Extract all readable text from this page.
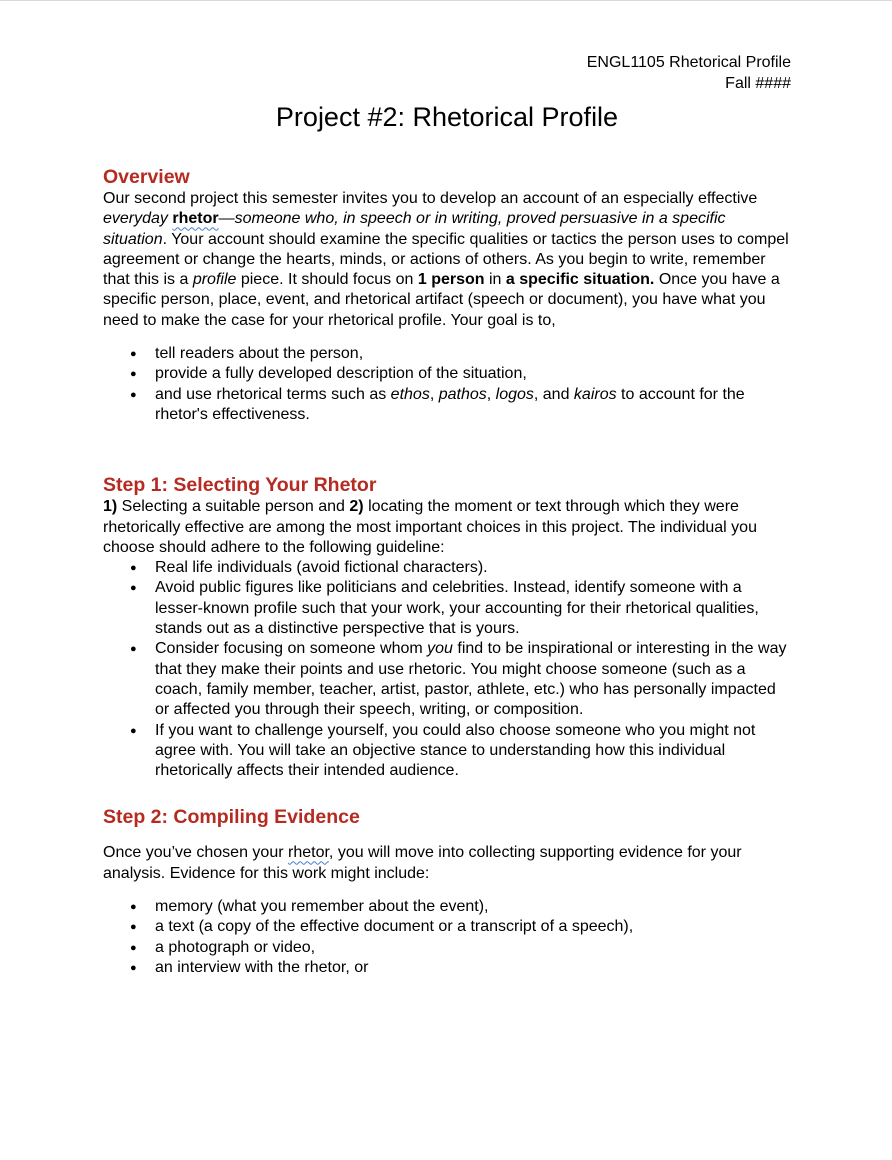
ENGL1105 Rhetorical Profile
Fall ####
Project #2: Rhetorical Profile
Overview

Our second project this semester invites you to develop an account of an especially effective everyday rhetor—someone who, in speech or in writing, proved persuasive in a specific situation. Your account should examine the specific qualities or tactics the person uses to compel agreement or change the hearts, minds, or actions of others. As you begin to write, remember that this is a profile piece. It should focus on 1 person in a specific situation. Once you have a specific person, place, event, and rhetorical artifact (speech or document), you have what you need to make the case for your rhetorical profile. Your goal is to,

● tell readers about the person,
● provide a fully developed description of the situation,
● and use rhetorical terms such as ethos, pathos, logos, and kairos to account for the rhetor's effectiveness.
Step 1: Selecting Your Rhetor

1) Selecting a suitable person and 2) locating the moment or text through which they were rhetorically effective are among the most important choices in this project. The individual you choose should adhere to the following guideline:

● Real life individuals (avoid fictional characters).
● Avoid public figures like politicians and celebrities. Instead, identify someone with a lesser-known profile such that your work, your accounting for their rhetorical qualities, stands out as a distinctive perspective that is yours.
● Consider focusing on someone whom you find to be inspirational or interesting in the way that they make their points and use rhetoric. You might choose someone (such as a coach, family member, teacher, artist, pastor, athlete, etc.) who has personally impacted or affected you through their speech, writing, or composition.
● If you want to challenge yourself, you could also choose someone who you might not agree with. You will take an objective stance to understanding how this individual rhetorically affects their intended audience.
Step 2: Compiling Evidence

Once you’ve chosen your rhetor, you will move into collecting supporting evidence for your analysis. Evidence for this work might include:

● memory (what you remember about the event),
● a text (a copy of the effective document or a transcript of a speech),
● a photograph or video,
● an interview with the rhetor, or
